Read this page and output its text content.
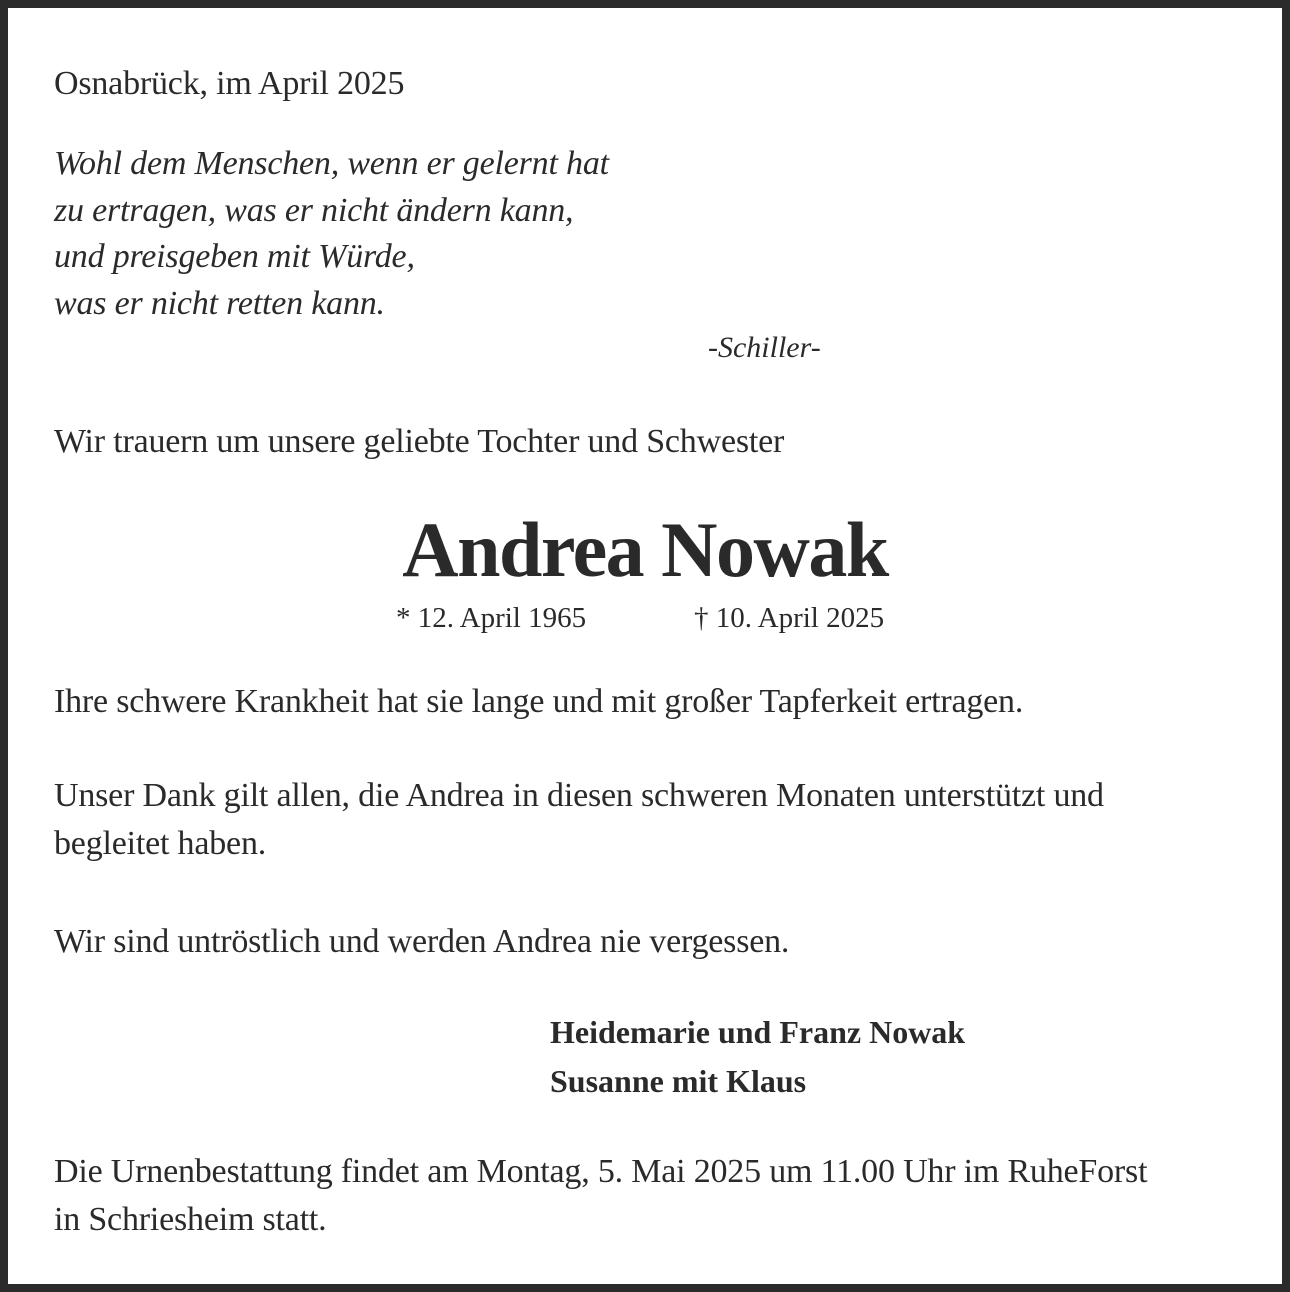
Osnabrück, im April 2025
Wohl dem Menschen, wenn er gelernt hat
zu ertragen, was er nicht ändern kann,
und preisgeben mit Würde,
was er nicht retten kann.
-Schiller-
Wir trauern um unsere geliebte Tochter und Schwester
Andrea Nowak
* 12. April 1965	† 10. April 2025
Ihre schwere Krankheit hat sie lange und mit großer Tapferkeit ertragen.
Unser Dank gilt allen, die Andrea in diesen schweren Monaten unterstützt und
begleitet haben.
Wir sind untröstlich und werden Andrea nie vergessen.
Heidemarie und Franz Nowak
Susanne mit Klaus
Die Urnenbestattung findet am Montag, 5. Mai 2025 um 11.00 Uhr im RuheForst
in Schriesheim statt.
